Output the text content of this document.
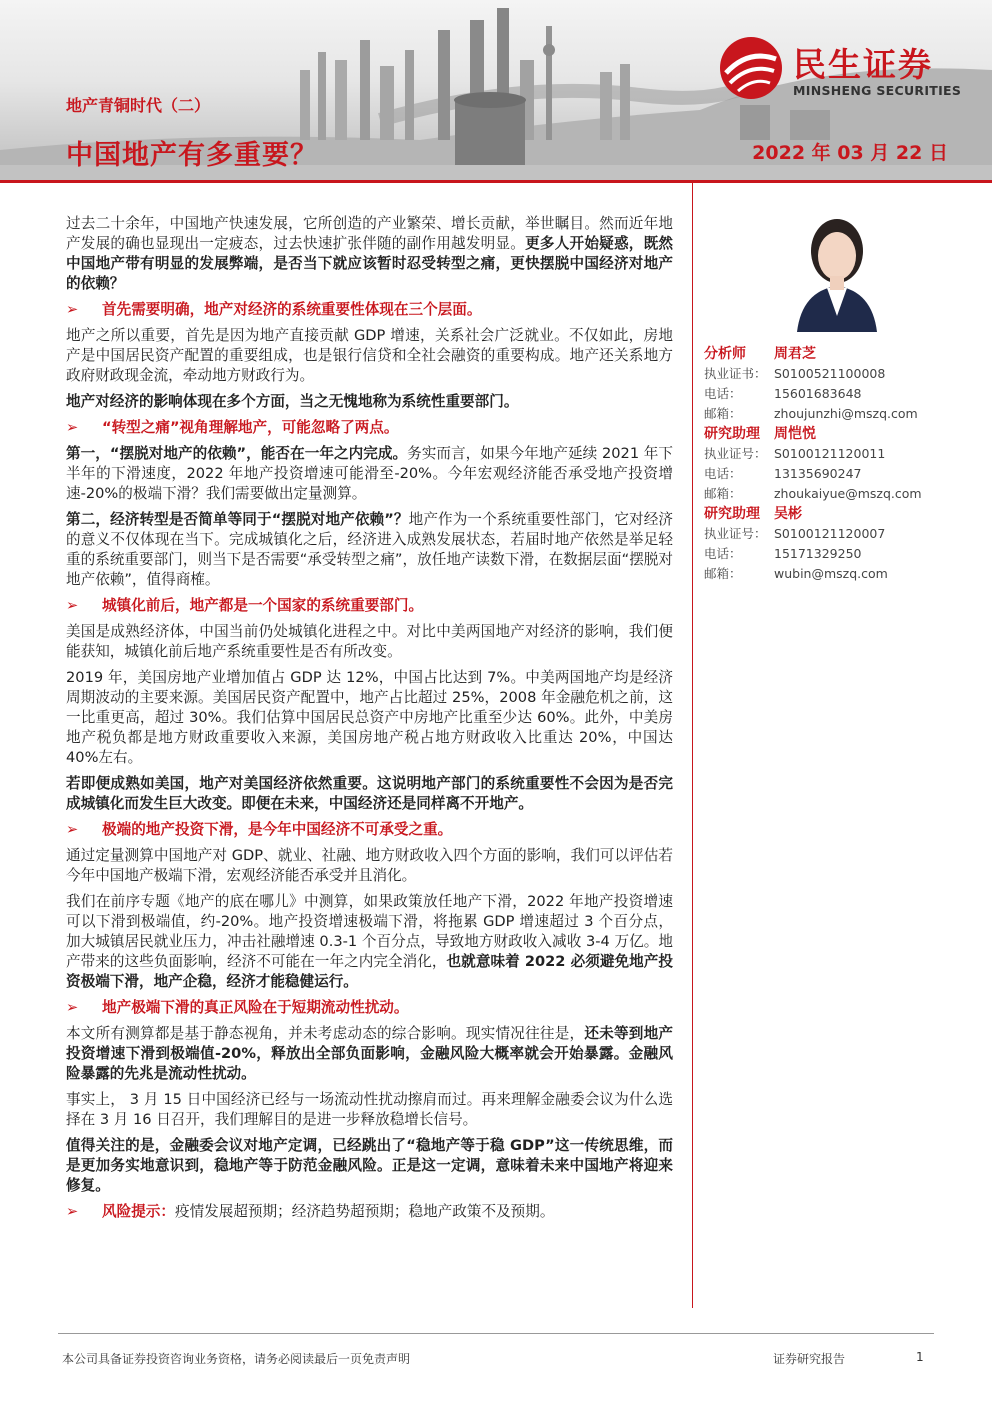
地产青铜时代（二）
中国地产有多重要？	2022 年 03 月 22 日
民生证券
MINSHENG SECURITIES

过去二十余年，中国地产快速发展，它所创造的产业繁荣、增长贡献，举世瞩目。然而近年地产发展的确也显现出一定疲态，过去快速扩张伴随的副作用越发明显。更多人开始疑惑，既然中国地产带有明显的发展弊端，是否当下就应该暂时忍受转型之痛，更快摆脱中国经济对地产的依赖？

➢ 首先需要明确，地产对经济的系统重要性体现在三个层面。

地产之所以重要，首先是因为地产直接贡献 GDP 增速，关系社会广泛就业。不仅如此，房地产是中国居民资产配置的重要组成，也是银行信贷和全社会融资的重要构成。地产还关系地方政府财政现金流，牵动地方财政行为。

地产对经济的影响体现在多个方面，当之无愧地称为系统性重要部门。

➢ “转型之痛”视角理解地产，可能忽略了两点。

第一，“摆脱对地产的依赖”，能否在一年之内完成。务实而言，如果今年地产延续 2021 年下半年的下滑速度，2022 年地产投资增速可能滑至-20%。今年宏观经济能否承受地产投资增速-20%的极端下滑？我们需要做出定量测算。

第二，经济转型是否简单等同于“摆脱对地产依赖”？地产作为一个系统重要性部门，它对经济的意义不仅体现在当下。完成城镇化之后，经济进入成熟发展状态，若届时地产依然是举足轻重的系统重要部门，则当下是否需要“承受转型之痛”，放任地产读数下滑，在数据层面“摆脱对地产依赖”，值得商榷。

➢ 城镇化前后，地产都是一个国家的系统重要部门。

美国是成熟经济体，中国当前仍处城镇化进程之中。对比中美两国地产对经济的影响，我们便能获知，城镇化前后地产系统重要性是否有所改变。

2019 年，美国房地产业增加值占 GDP 达 12%，中国占比达到 7%。中美两国地产均是经济周期波动的主要来源。美国居民资产配置中，地产占比超过 25%，2008 年金融危机之前，这一比重更高，超过 30%。我们估算中国居民总资产中房地产比重至少达 60%。此外，中美房地产税负都是地方财政重要收入来源，美国房地产税占地方财政收入比重达 20%，中国达 40%左右。

若即便成熟如美国，地产对美国经济依然重要。这说明地产部门的系统重要性不会因为是否完成城镇化而发生巨大改变。即便在未来，中国经济还是同样离不开地产。

➢ 极端的地产投资下滑，是今年中国经济不可承受之重。

通过定量测算中国地产对 GDP、就业、社融、地方财政收入四个方面的影响，我们可以评估若今年中国地产极端下滑，宏观经济能否承受并且消化。

我们在前序专题《地产的底在哪儿》中测算，如果政策放任地产下滑，2022 年地产投资增速可以下滑到极端值，约-20%。地产投资增速极端下滑，将拖累 GDP 增速超过 3 个百分点，加大城镇居民就业压力，冲击社融增速 0.3-1 个百分点，导致地方财政收入减收 3-4 万亿。地产带来的这些负面影响，经济不可能在一年之内完全消化，也就意味着 2022 必须避免地产投资极端下滑，地产企稳，经济才能稳健运行。

➢ 地产极端下滑的真正风险在于短期流动性扰动。

本文所有测算都是基于静态视角，并未考虑动态的综合影响。现实情况往往是，还未等到地产投资增速下滑到极端值-20%，释放出全部负面影响，金融风险大概率就会开始暴露。金融风险暴露的先兆是流动性扰动。

事实上， 3 月 15 日中国经济已经与一场流动性扰动擦肩而过。再来理解金融委会议为什么选择在 3 月 16 日召开，我们理解目的是进一步释放稳增长信号。

值得关注的是，金融委会议对地产定调，已经跳出了“稳地产等于稳 GDP”这一传统思维，而是更加务实地意识到，稳地产等于防范金融风险。正是这一定调，意味着未来中国地产将迎来修复。

➢ 风险提示：疫情发展超预期；经济趋势超预期；稳地产政策不及预期。
分析师	周君芝
执业证书： S0100521100008
电话：	15601683648
邮箱：	zhoujunzhi@mszq.com
研究助理	周恺悦
执业证号： S0100121120011
电话：	13135690247
邮箱：	zhoukaiyue@mszq.com
研究助理	吴彬
执业证号： S0100121120007
电话：	15171329250
邮箱：	wubin@mszq.com
本公司具备证券投资咨询业务资格，请务必阅读最后一页免责声明	证券研究报告	1
